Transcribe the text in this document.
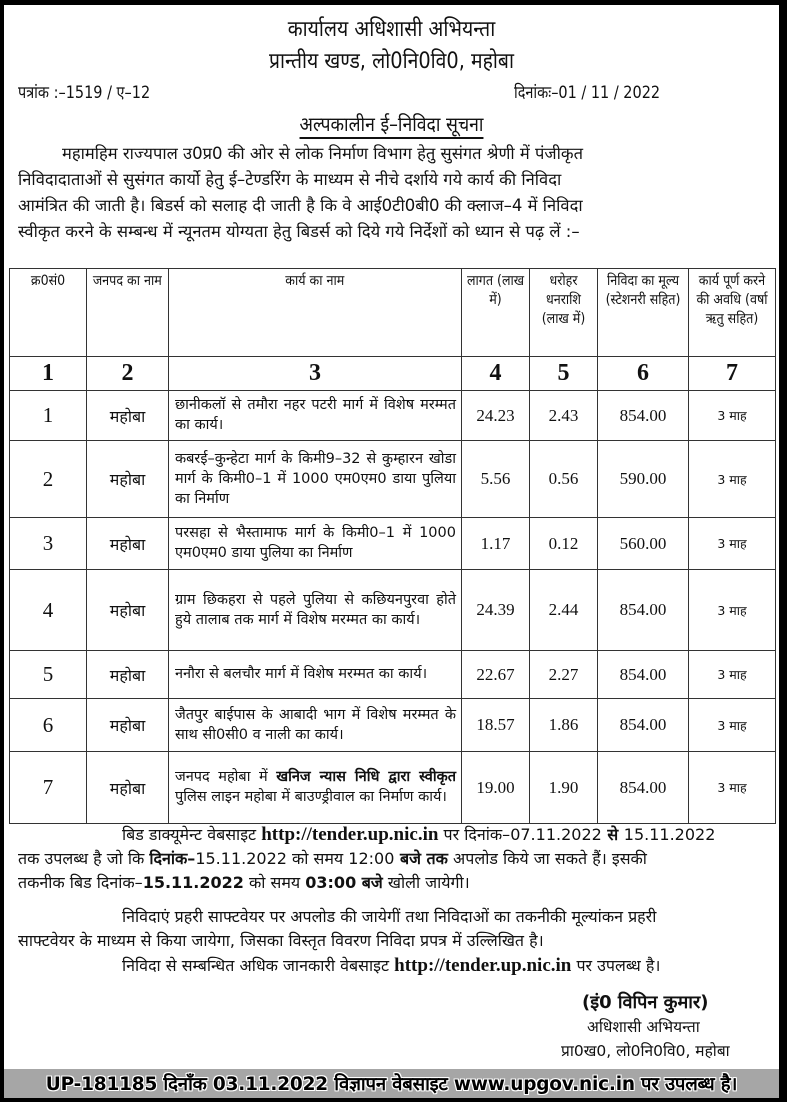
कार्यालय अधिशासी अभियन्ता
प्रान्तीय खण्ड, लो0नि0वि0, महोबा
पत्रांक :–1519 / ए–12	दिनांकः–01 / 11 / 2022
अल्पकालीन ई–निविदा सूचना
महामहिम राज्यपाल उ0प्र0 की ओर से लोक निर्माण विभाग हेतु सुसंगत श्रेणी में पंजीकृत
निविदादाताओं से सुसंगत कार्यो हेतु ई–टेण्डरिंग के माध्यम से नीचे दर्शाये गये कार्य की निविदा
आमंत्रित की जाती है। बिडर्स को सलाह दी जाती है कि वे आई0टी0बी0 की क्लाज–4 में निविदा
स्वीकृत करने के सम्बन्ध में न्यूनतम योग्यता हेतु बिडर्स को दिये गये निर्देशों को ध्यान से पढ़ लें :–
क्र0सं0	जनपद का नाम	कार्य का नाम	लागत (लाख में)	धरोहर धनराशि (लाख में)	निविदा का मूल्य (स्टेशनरी सहित)	कार्य पूर्ण करने की अवधि (वर्षा ऋतु सहित)
1	2	3	4	5	6	7
1	महोबा	छानीकलॉ से तमौरा नहर पटरी मार्ग में विशेष मरम्मत का कार्य।	24.23	2.43	854.00	3 माह
2	महोबा	कबरई–कुन्हेटा मार्ग के किमी9–32 से कुम्हारन खोडा मार्ग के किमी0–1 में 1000 एम0एम0 डाया पुलिया का निर्माण	5.56	0.56	590.00	3 माह
3	महोबा	परसहा से भैस्तामाफ मार्ग के किमी0–1 में 1000 एम0एम0 डाया पुलिया का निर्माण	1.17	0.12	560.00	3 माह
4	महोबा	ग्राम छिकहरा से पहले पुलिया से कछियनपुरवा होते हुये तालाब तक मार्ग में विशेष मरम्मत का कार्य।	24.39	2.44	854.00	3 माह
5	महोबा	ननौरा से बलचौर मार्ग में विशेष मरम्मत का कार्य।	22.67	2.27	854.00	3 माह
6	महोबा	जैतपुर बाईपास के आबादी भाग में विशेष मरम्मत के साथ सी0सी0 व नाली का कार्य।	18.57	1.86	854.00	3 माह
7	महोबा	जनपद महोबा में खनिज न्यास निधि द्वारा स्वीकृत पुलिस लाइन महोबा में बाउण्ड्रीवाल का निर्माण कार्य।	19.00	1.90	854.00	3 माह
बिड डाक्यूमेन्ट वेबसाइट http://tender.up.nic.in पर दिनांक–07.11.2022 से 15.11.2022
तक उपलब्ध है जो कि दिनांक–15.11.2022 को समय 12:00 बजे तक अपलोड किये जा सकते हैं। इसकी
तकनीक बिड दिनांक–15.11.2022 को समय 03:00 बजे खोली जायेगी।
निविदाएं प्रहरी साफ्टवेयर पर अपलोड की जायेगीं तथा निविदाओं का तकनीकी मूल्यांकन प्रहरी
साफ्टवेयर के माध्यम से किया जायेगा, जिसका विस्तृत विवरण निविदा प्रपत्र में उल्लिखित है।
निविदा से सम्बन्धित अधिक जानकारी वेबसाइट http://tender.up.nic.in पर उपलब्ध है।
(इं0 विपिन कुमार)
अधिशासी अभियन्ता
प्रा0ख0, लो0नि0वि0, महोबा
UP-181185 दिनाँक 03.11.2022 विज्ञापन वेबसाइट www.upgov.nic.in पर उपलब्ध है।
